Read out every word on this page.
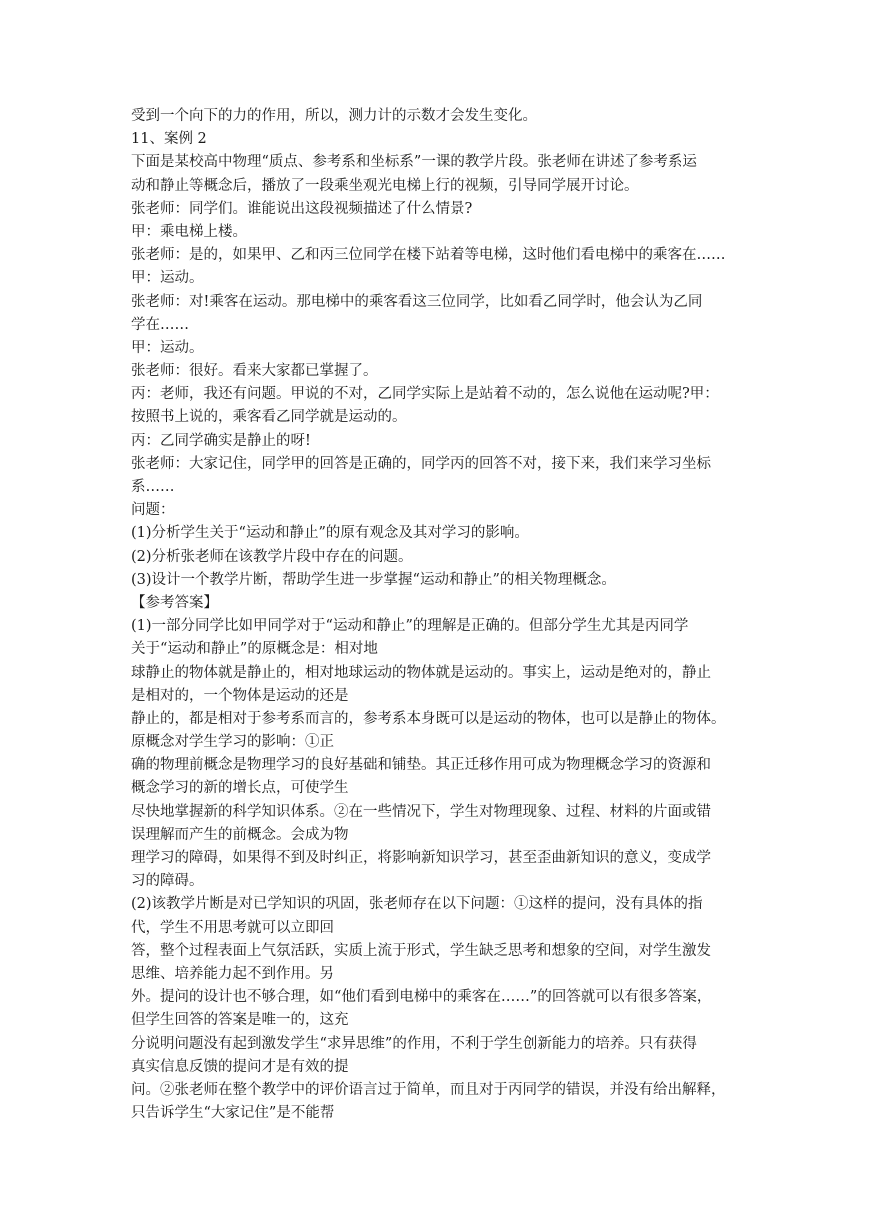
受到一个向下的力的作用，所以，测力计的示数才会发生变化。
11、案例 2
下面是某校高中物理“质点、参考系和坐标系”一课的教学片段。张老师在讲述了参考系运
动和静止等概念后，播放了一段乘坐观光电梯上行的视频，引导同学展开讨论。
张老师：同学们。谁能说出这段视频描述了什么情景?
甲：乘电梯上楼。
张老师：是的，如果甲、乙和丙三位同学在楼下站着等电梯，这时他们看电梯中的乘客在……
甲：运动。
张老师：对!乘客在运动。那电梯中的乘客看这三位同学，比如看乙同学时，他会认为乙同
学在……
甲：运动。
张老师：很好。看来大家都已掌握了。
丙：老师，我还有问题。甲说的不对，乙同学实际上是站着不动的，怎么说他在运动呢?甲：
按照书上说的，乘客看乙同学就是运动的。
丙：乙同学确实是静止的呀!
张老师：大家记住，同学甲的回答是正确的，同学丙的回答不对，接下来，我们来学习坐标
系……
问题：
(1)分析学生关于“运动和静止”的原有观念及其对学习的影响。
(2)分析张老师在该教学片段中存在的问题。
(3)设计一个教学片断，帮助学生进一步掌握“运动和静止”的相关物理概念。
【参考答案】
(1)一部分同学比如甲同学对于“运动和静止”的理解是正确的。但部分学生尤其是丙同学
关于“运动和静止”的原概念是：相对地
球静止的物体就是静止的，相对地球运动的物体就是运动的。事实上，运动是绝对的，静止
是相对的，一个物体是运动的还是
静止的，都是相对于参考系而言的，参考系本身既可以是运动的物体，也可以是静止的物体。
原概念对学生学习的影响：①正
确的物理前概念是物理学习的良好基础和铺垫。其正迁移作用可成为物理概念学习的资源和
概念学习的新的增长点，可使学生
尽快地掌握新的科学知识体系。②在一些情况下，学生对物理现象、过程、材料的片面或错
误理解而产生的前概念。会成为物
理学习的障碍，如果得不到及时纠正，将影响新知识学习，甚至歪曲新知识的意义，变成学
习的障碍。
(2)该教学片断是对已学知识的巩固，张老师存在以下问题：①这样的提问，没有具体的指
代，学生不用思考就可以立即回
答，整个过程表面上气氛活跃，实质上流于形式，学生缺乏思考和想象的空间，对学生激发
思维、培养能力起不到作用。另
外。提问的设计也不够合理，如“他们看到电梯中的乘客在……”的回答就可以有很多答案，
但学生回答的答案是唯一的，这充
分说明问题没有起到激发学生“求异思维”的作用，不利于学生创新能力的培养。只有获得
真实信息反馈的提问才是有效的提
问。②张老师在整个教学中的评价语言过于简单，而且对于丙同学的错误，并没有给出解释，
只告诉学生“大家记住”是不能帮
